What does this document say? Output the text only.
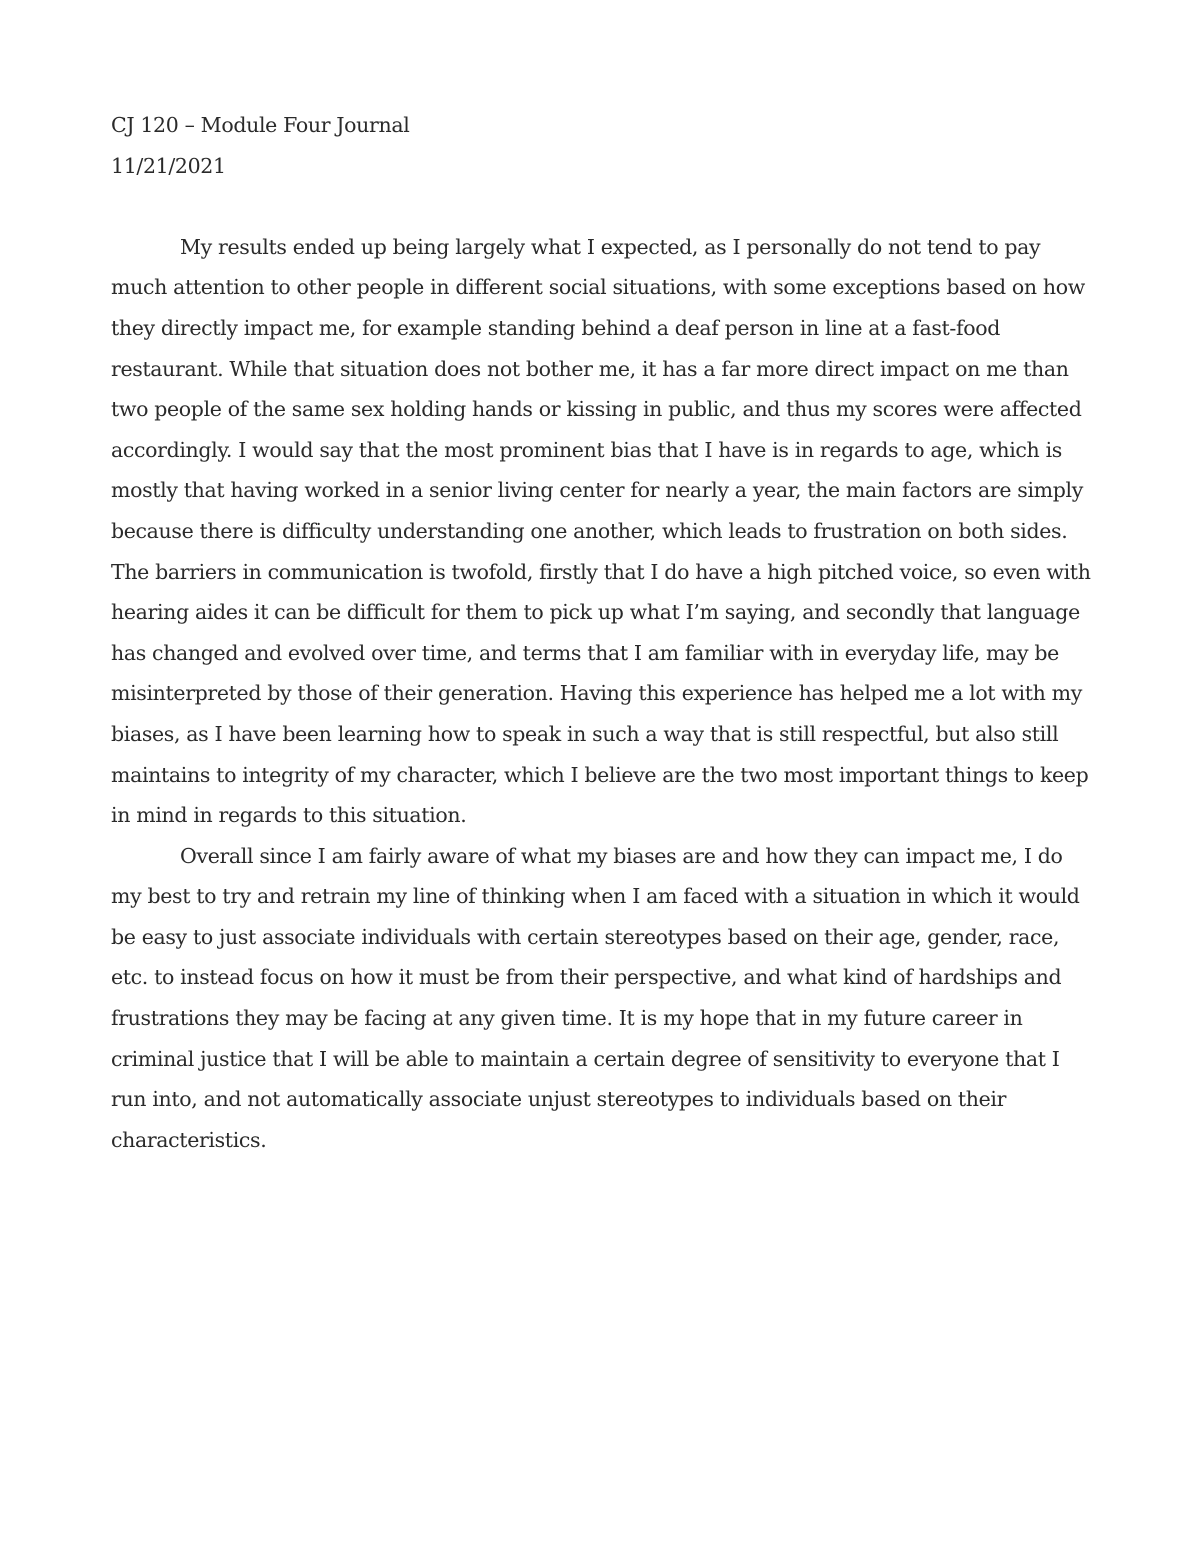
CJ 120 – Module Four Journal

11/21/2021

My results ended up being largely what I expected, as I personally do not tend to pay much attention to other people in different social situations, with some exceptions based on how they directly impact me, for example standing behind a deaf person in line at a fast-food restaurant. While that situation does not bother me, it has a far more direct impact on me than two people of the same sex holding hands or kissing in public, and thus my scores were affected accordingly. I would say that the most prominent bias that I have is in regards to age, which is mostly that having worked in a senior living center for nearly a year, the main factors are simply because there is difficulty understanding one another, which leads to frustration on both sides. The barriers in communication is twofold, firstly that I do have a high pitched voice, so even with hearing aides it can be difficult for them to pick up what I’m saying, and secondly that language has changed and evolved over time, and terms that I am familiar with in everyday life, may be misinterpreted by those of their generation. Having this experience has helped me a lot with my biases, as I have been learning how to speak in such a way that is still respectful, but also still maintains to integrity of my character, which I believe are the two most important things to keep in mind in regards to this situation.

Overall since I am fairly aware of what my biases are and how they can impact me, I do my best to try and retrain my line of thinking when I am faced with a situation in which it would be easy to just associate individuals with certain stereotypes based on their age, gender, race, etc. to instead focus on how it must be from their perspective, and what kind of hardships and frustrations they may be facing at any given time. It is my hope that in my future career in criminal justice that I will be able to maintain a certain degree of sensitivity to everyone that I run into, and not automatically associate unjust stereotypes to individuals based on their characteristics.
